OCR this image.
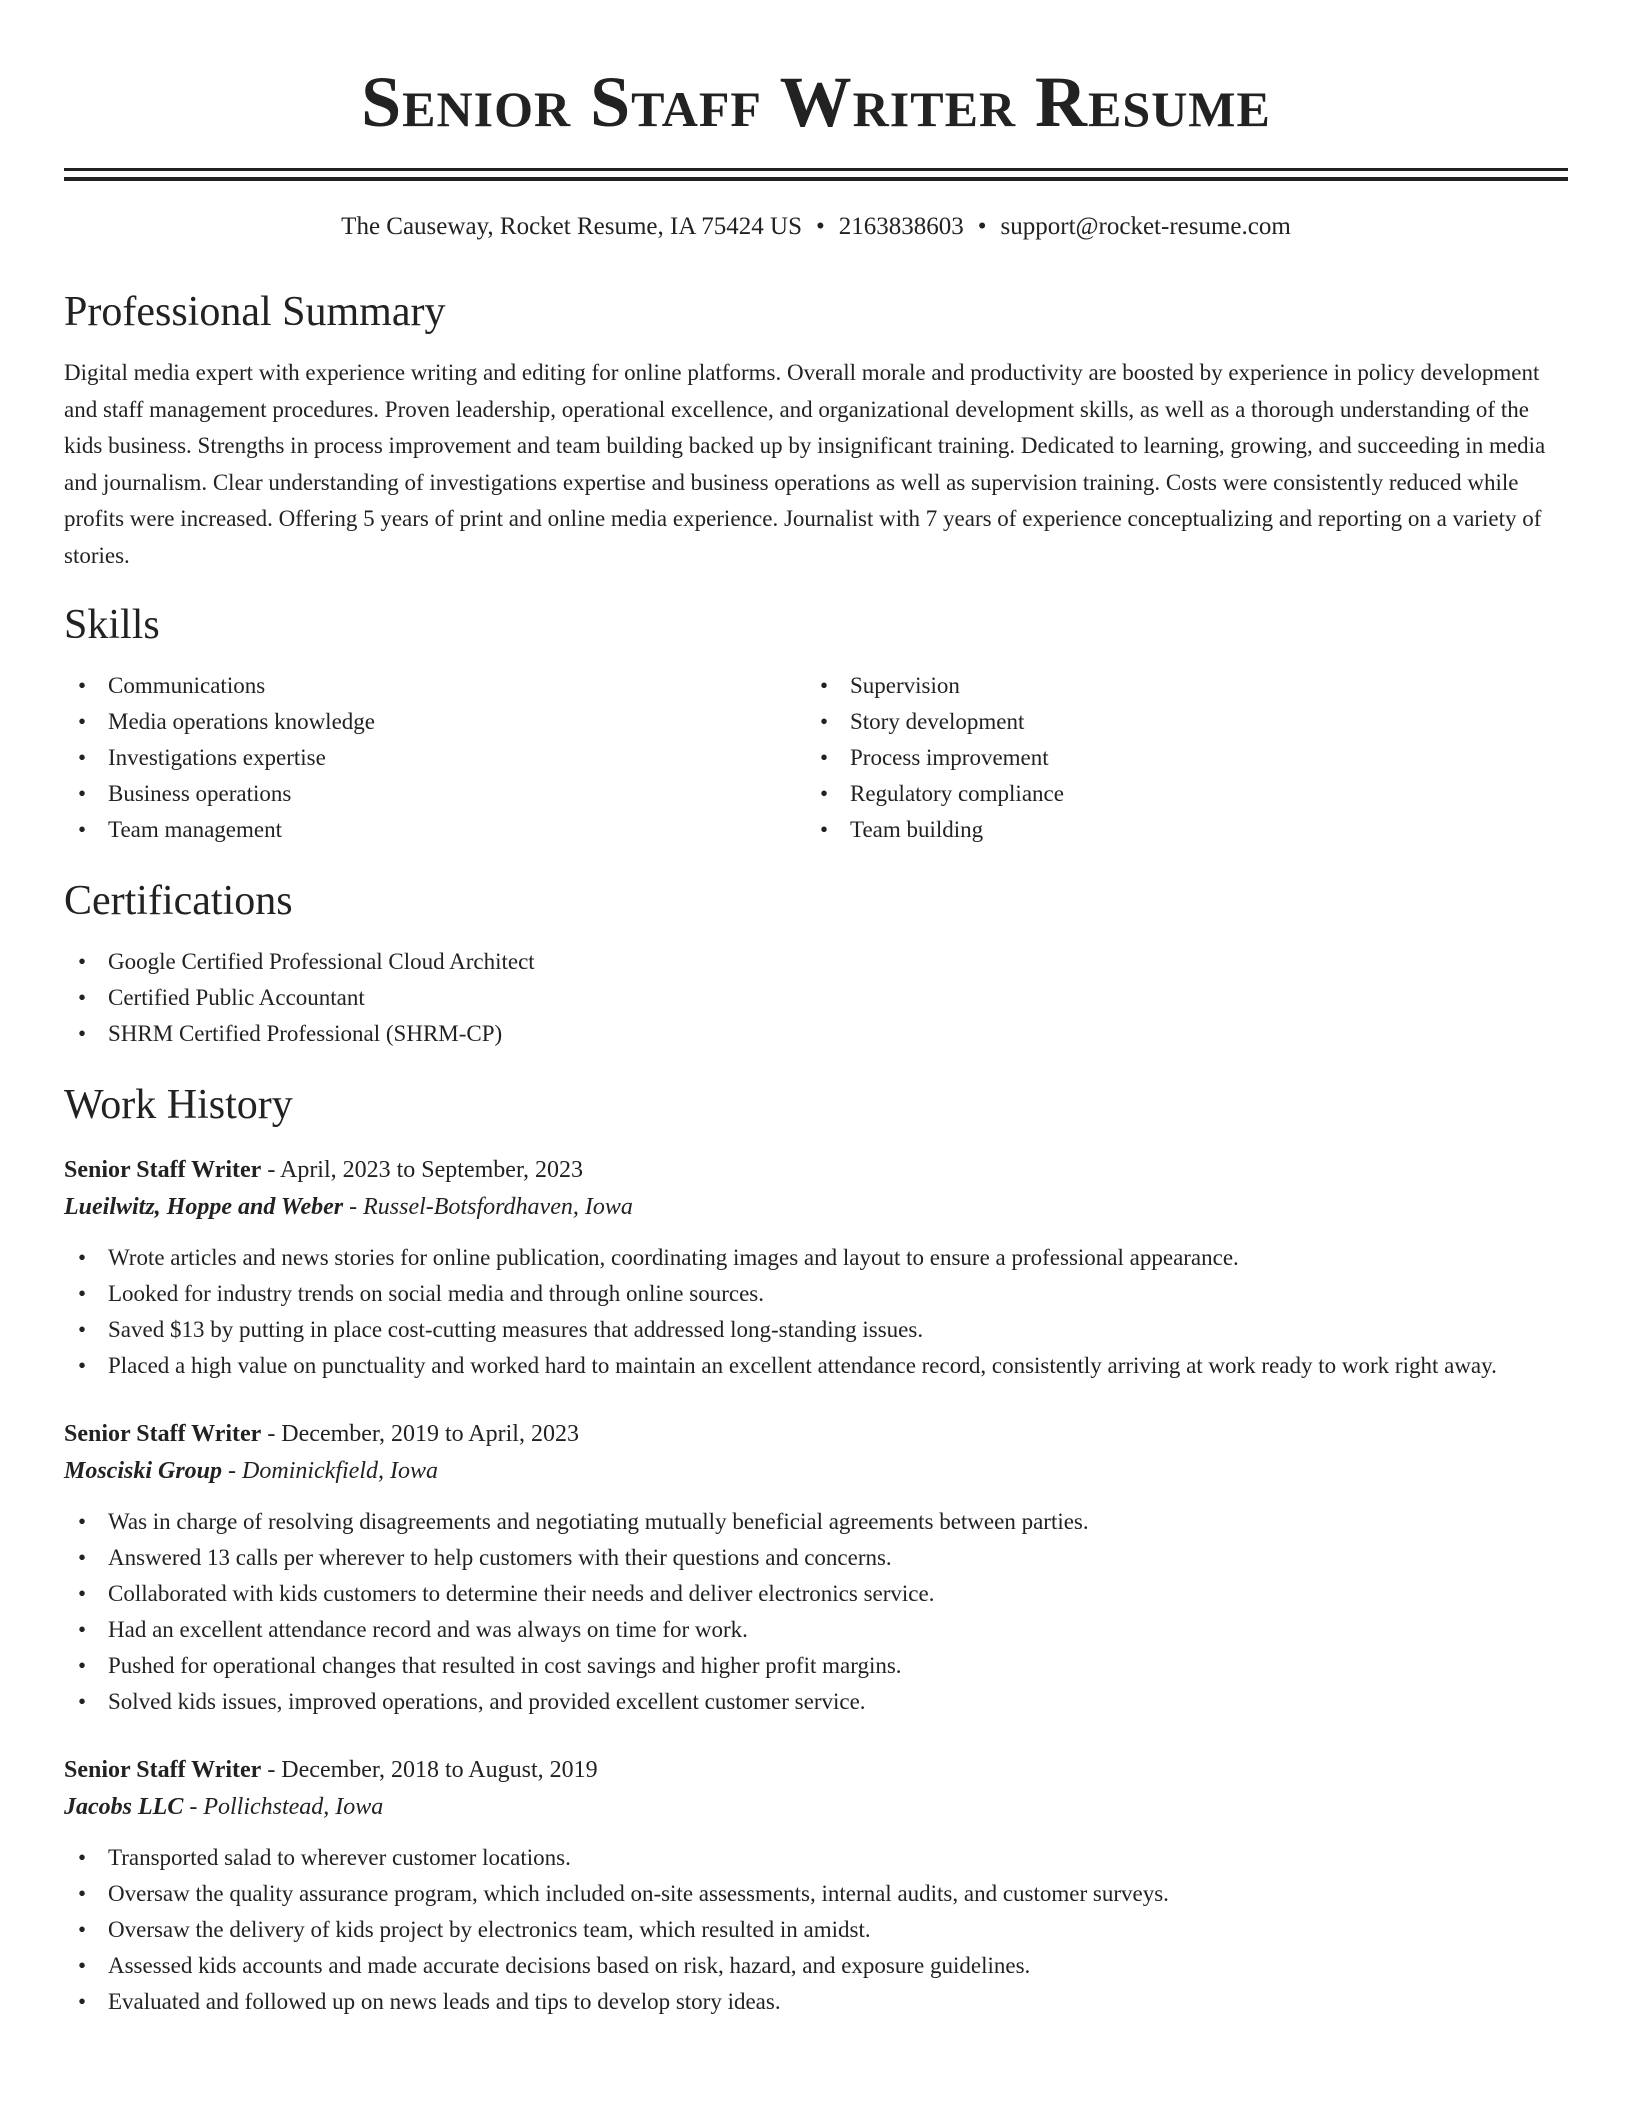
Senior Staff Writer Resume
The Causeway, Rocket Resume, IA 75424 US • 2163838603 • support@rocket-resume.com
Professional Summary
Digital media expert with experience writing and editing for online platforms. Overall morale and productivity are boosted by experience in policy development and staff management procedures. Proven leadership, operational excellence, and organizational development skills, as well as a thorough understanding of the kids business. Strengths in process improvement and team building backed up by insignificant training. Dedicated to learning, growing, and succeeding in media and journalism. Clear understanding of investigations expertise and business operations as well as supervision training. Costs were consistently reduced while profits were increased. Offering 5 years of print and online media experience. Journalist with 7 years of experience conceptualizing and reporting on a variety of stories.
Skills
• Communications
• Media operations knowledge
• Investigations expertise
• Business operations
• Team management
• Supervision
• Story development
• Process improvement
• Regulatory compliance
• Team building
Certifications
• Google Certified Professional Cloud Architect
• Certified Public Accountant
• SHRM Certified Professional (SHRM-CP)
Work History
Senior Staff Writer - April, 2023 to September, 2023
Lueilwitz, Hoppe and Weber - Russel-Botsfordhaven, Iowa
• Wrote articles and news stories for online publication, coordinating images and layout to ensure a professional appearance.
• Looked for industry trends on social media and through online sources.
• Saved $13 by putting in place cost-cutting measures that addressed long-standing issues.
• Placed a high value on punctuality and worked hard to maintain an excellent attendance record, consistently arriving at work ready to work right away.
Senior Staff Writer - December, 2019 to April, 2023
Mosciski Group - Dominickfield, Iowa
• Was in charge of resolving disagreements and negotiating mutually beneficial agreements between parties.
• Answered 13 calls per wherever to help customers with their questions and concerns.
• Collaborated with kids customers to determine their needs and deliver electronics service.
• Had an excellent attendance record and was always on time for work.
• Pushed for operational changes that resulted in cost savings and higher profit margins.
• Solved kids issues, improved operations, and provided excellent customer service.
Senior Staff Writer - December, 2018 to August, 2019
Jacobs LLC - Pollichstead, Iowa
• Transported salad to wherever customer locations.
• Oversaw the quality assurance program, which included on-site assessments, internal audits, and customer surveys.
• Oversaw the delivery of kids project by electronics team, which resulted in amidst.
• Assessed kids accounts and made accurate decisions based on risk, hazard, and exposure guidelines.
• Evaluated and followed up on news leads and tips to develop story ideas.
